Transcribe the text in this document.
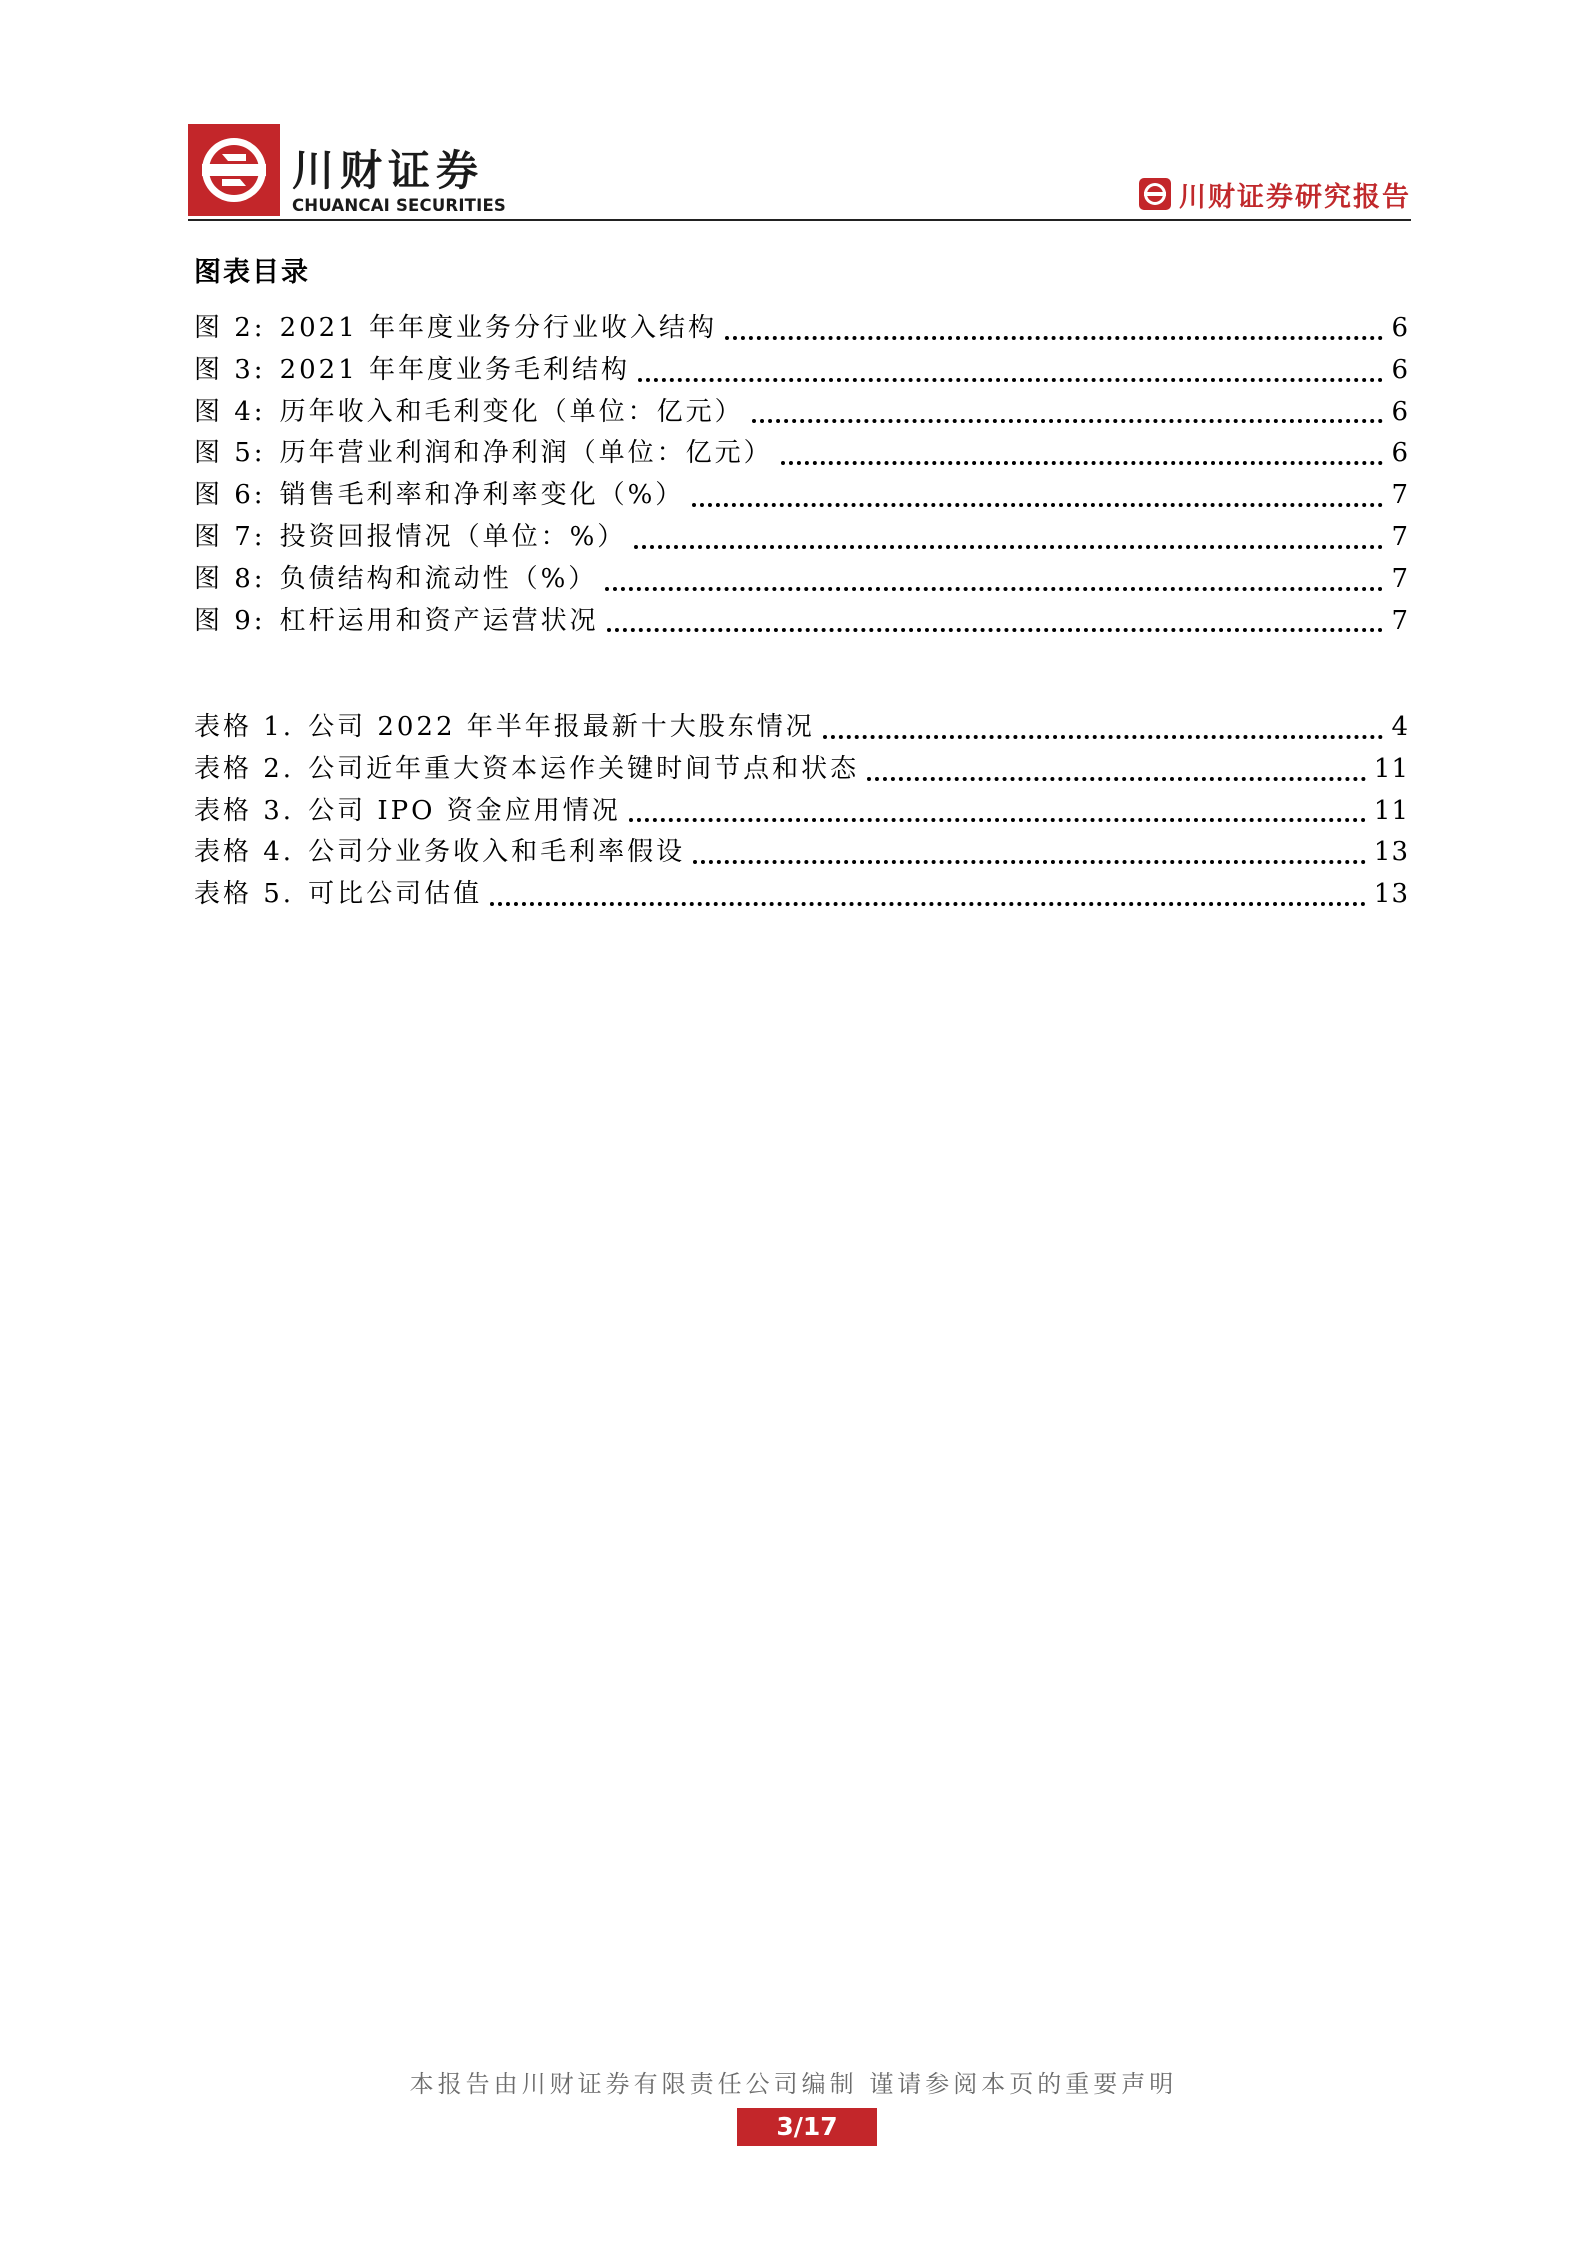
川财证券
CHUANCAI SECURITIES	川财证券研究报告
图表目录
图 2: 2021 年年度业务分行业收入结构	6
图 3: 2021 年年度业务毛利结构	6
图 4: 历年收入和毛利变化（单位：亿元）	6
图 5: 历年营业利润和净利润（单位：亿元）	6
图 6: 销售毛利率和净利率变化（%）	7
图 7: 投资回报情况（单位：%）	7
图 8: 负债结构和流动性（%）	7
图 9: 杠杆运用和资产运营状况	7
表格 1. 公司 2022 年半年报最新十大股东情况	4
表格 2. 公司近年重大资本运作关键时间节点和状态	11
表格 3. 公司 IPO 资金应用情况	11
表格 4. 公司分业务收入和毛利率假设	13
表格 5. 可比公司估值	13
本报告由川财证券有限责任公司编制 谨请参阅本页的重要声明
3/17
